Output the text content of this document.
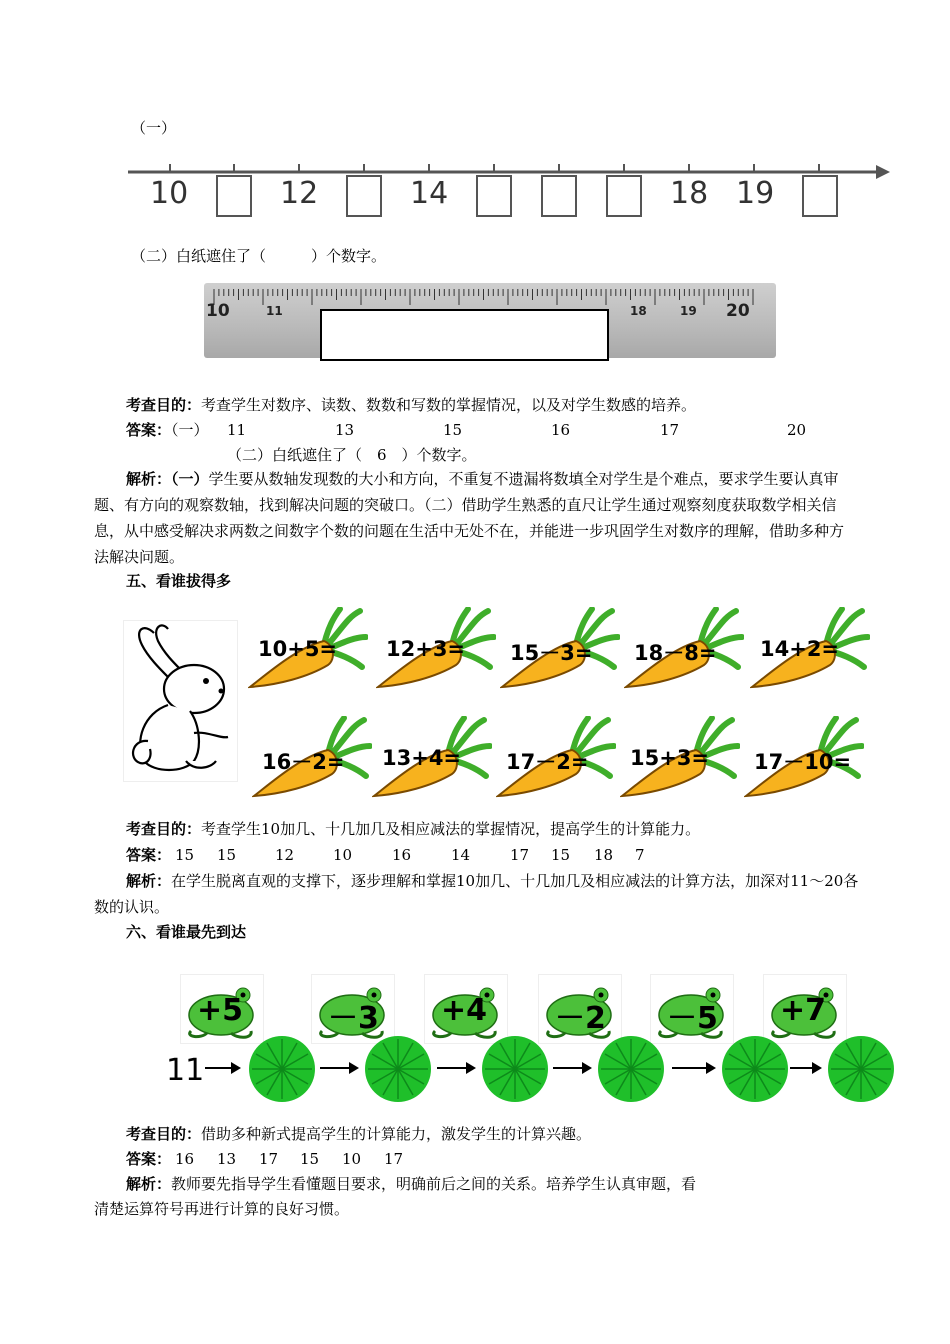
（一）
10	12	14	18 19
（二）白纸遮住了（　　　）个数字。
10	11	18	19 20
考查目的：考查学生对数序、读数、数数和写数的掌握情况，以及对学生数感的培养。
答案：（一） 11	13	15	16	17	20
（二）白纸遮住了（　6　）个数字。
解析：（一）学生要从数轴发现数的大小和方向，不重复不遗漏将数填全对学生是个难点，要求学生要认真审题、有方向的观察数轴，找到解决问题的突破口。（二）借助学生熟悉的直尺让学生通过观察刻度获取数学相关信息，从中感受解决求两数之间数字个数的问题在生活中无处不在，并能进一步巩固学生对数序的理解，借助多种方法解决问题。
五、看谁拔得多
10+5= 12+3= 15－3= 18－8= 14+2=
16－2= 13+4= 17－2= 15+3= 17－10=
考查目的：考查学生10加几、十几加几及相应减法的掌握情况，提高学生的计算能力。
答案： 15 15	12	10	16	14	17 15 18 7
解析：在学生脱离直观的支撑下，逐步理解和掌握10加几、十几加几及相应减法的计算方法，加深对11～20各数的认识。
六、看谁最先到达
11
+5	－3 +4 －2 －5 +7
考查目的：借助多种新式提高学生的计算能力，激发学生的计算兴趣。
答案： 16 13 17 15 10 17
解析：教师要先指导学生看懂题目要求，明确前后之间的关系。培养学生认真审题，看
清楚运算符号再进行计算的良好习惯。
